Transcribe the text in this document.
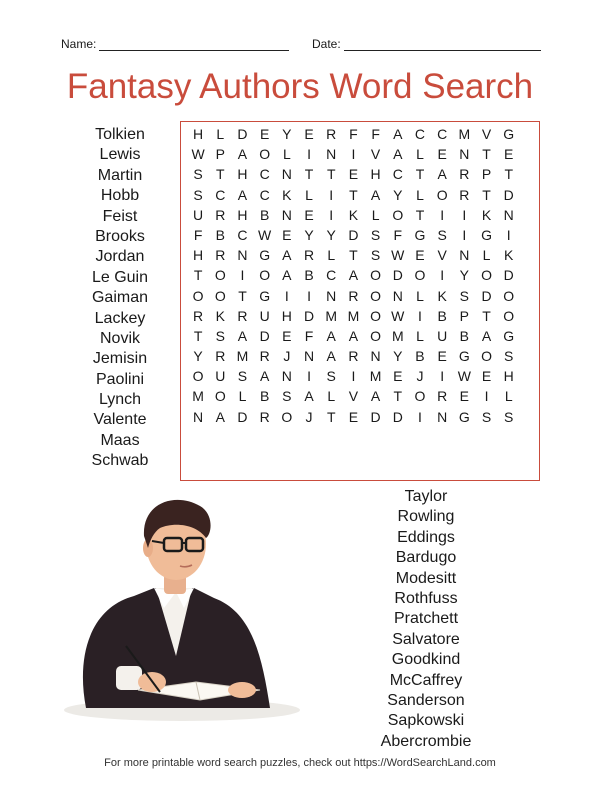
Name:	Date:
Fantasy Authors Word Search
Tolkien
Lewis
Martin
Hobb
Feist
Brooks
Jordan
Le Guin
Gaiman
Lackey
Novik
Jemisin
Paolini
Lynch
Valente
Maas
Schwab
H L D E Y E R F F A C C M V G
W P A O L	I	N	I	V A L E N T E
S T H C N T T E H C T A R P T
S C A C K L	I	T A Y L O R T D
U R H B N E	I	K L O T	I	I	K N
F B C W E Y Y D S F G S	I	G	I
H R N G A R L	T S W E V N L K
T O	I	O A B C A O D O	I	Y O D
O O T G	I	I	N R O N L K S D O
R K R U H D M M O W I	B P T O
T S A D E F A A O M L U B A G
Y R M R J N A R N Y B E G O S
O U S A N	I	S	I	M E	J	I W E H
M O L B S A L V A T O R E	I	L
N A D R O J	T E D D	I	N G S S
Taylor
Rowling
Eddings
Bardugo
Modesitt
Rothfuss
Pratchett
Salvatore
Goodkind
McCaffrey
Sanderson
Sapkowski
Abercrombie
For more printable word search puzzles, check out https://WordSearchLand.com
